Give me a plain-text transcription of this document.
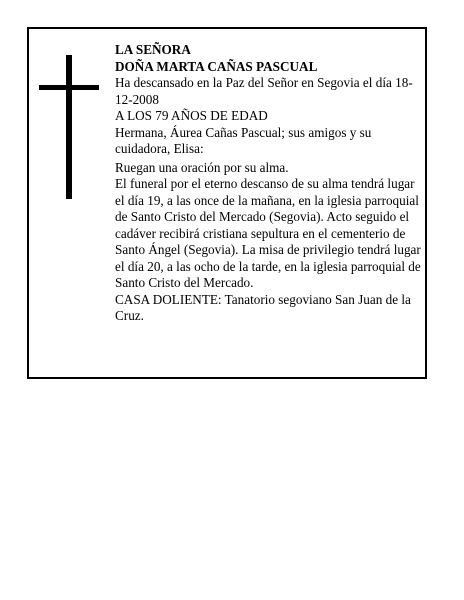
LA SEÑORA

DOÑA MARTA CAÑAS PASCUAL

Ha descansado en la Paz del Señor en Segovia el día 18-12-2008

A LOS 79 AÑOS DE EDAD

Hermana, Áurea Cañas Pascual; sus amigos y su cuidadora, Elisa:

Ruegan una oración por su alma.

El funeral por el eterno descanso de su alma tendrá lugar el día 19, a las once de la mañana, en la iglesia parroquial de Santo Cristo del Mercado (Segovia). Acto seguido el cadáver recibirá cristiana sepultura en el cementerio de Santo Ángel (Segovia). La misa de privilegio tendrá lugar el día 20, a las ocho de la tarde, en la iglesia parroquial de Santo Cristo del Mercado.

CASA DOLIENTE: Tanatorio segoviano San Juan de la Cruz.
